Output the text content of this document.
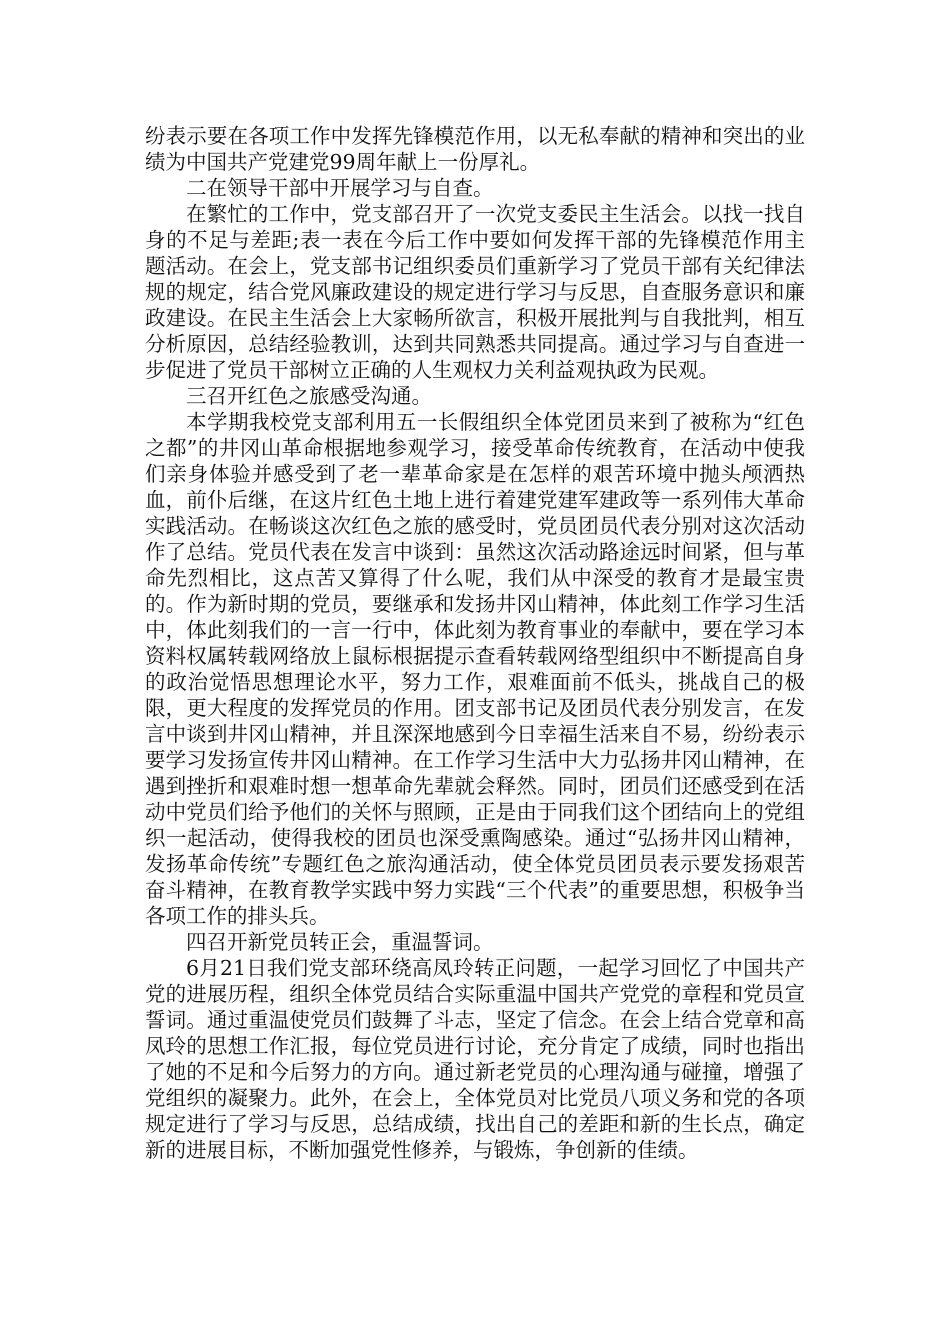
纷表示要在各项工作中发挥先锋模范作用，以无私奉献的精神和突出的业绩为中国共产党建党99周年献上一份厚礼。

二在领导干部中开展学习与自查。

在繁忙的工作中，党支部召开了一次党支委民主生活会。以找一找自身的不足与差距;表一表在今后工作中要如何发挥干部的先锋模范作用主题活动。在会上，党支部书记组织委员们重新学习了党员干部有关纪律法规的规定，结合党风廉政建设的规定进行学习与反思，自查服务意识和廉政建设。在民主生活会上大家畅所欲言，积极开展批判与自我批判，相互分析原因，总结经验教训，达到共同熟悉共同提高。通过学习与自查进一步促进了党员干部树立正确的人生观权力关利益观执政为民观。

三召开红色之旅感受沟通。

本学期我校党支部利用五一长假组织全体党团员来到了被称为“红色之都”的井冈山革命根据地参观学习，接受革命传统教育，在活动中使我们亲身体验并感受到了老一辈革命家是在怎样的艰苦环境中抛头颅洒热血，前仆后继，在这片红色土地上进行着建党建军建政等一系列伟大革命实践活动。在畅谈这次红色之旅的感受时，党员团员代表分别对这次活动作了总结。党员代表在发言中谈到：虽然这次活动路途远时间紧，但与革命先烈相比，这点苦又算得了什么呢，我们从中深受的教育才是最宝贵的。作为新时期的党员，要继承和发扬井冈山精神，体此刻工作学习生活中，体此刻我们的一言一行中，体此刻为教育事业的奉献中，要在学习本资料权属转载网络放上鼠标根据提示查看转载网络型组织中不断提高自身的政治觉悟思想理论水平，努力工作，艰难面前不低头，挑战自己的极限，更大程度的发挥党员的作用。团支部书记及团员代表分别发言，在发言中谈到井冈山精神，并且深深地感到今日幸福生活来自不易，纷纷表示要学习发扬宣传井冈山精神。在工作学习生活中大力弘扬井冈山精神，在遇到挫折和艰难时想一想革命先辈就会释然。同时，团员们还感受到在活动中党员们给予他们的关怀与照顾，正是由于同我们这个团结向上的党组织一起活动，使得我校的团员也深受熏陶感染。通过“弘扬井冈山精神，发扬革命传统”专题红色之旅沟通活动，使全体党员团员表示要发扬艰苦奋斗精神，在教育教学实践中努力实践“三个代表”的重要思想，积极争当各项工作的排头兵。

四召开新党员转正会，重温誓词。

6月21日我们党支部环绕高凤玲转正问题，一起学习回忆了中国共产党的进展历程，组织全体党员结合实际重温中国共产党党的章程和党员宣誓词。通过重温使党员们鼓舞了斗志，坚定了信念。在会上结合党章和高凤玲的思想工作汇报，每位党员进行讨论，充分肯定了成绩，同时也指出了她的不足和今后努力的方向。通过新老党员的心理沟通与碰撞，增强了党组织的凝聚力。此外，在会上，全体党员对比党员八项义务和党的各项规定进行了学习与反思，总结成绩，找出自己的差距和新的生长点，确定新的进展目标，不断加强党性修养，与锻炼，争创新的佳绩。
